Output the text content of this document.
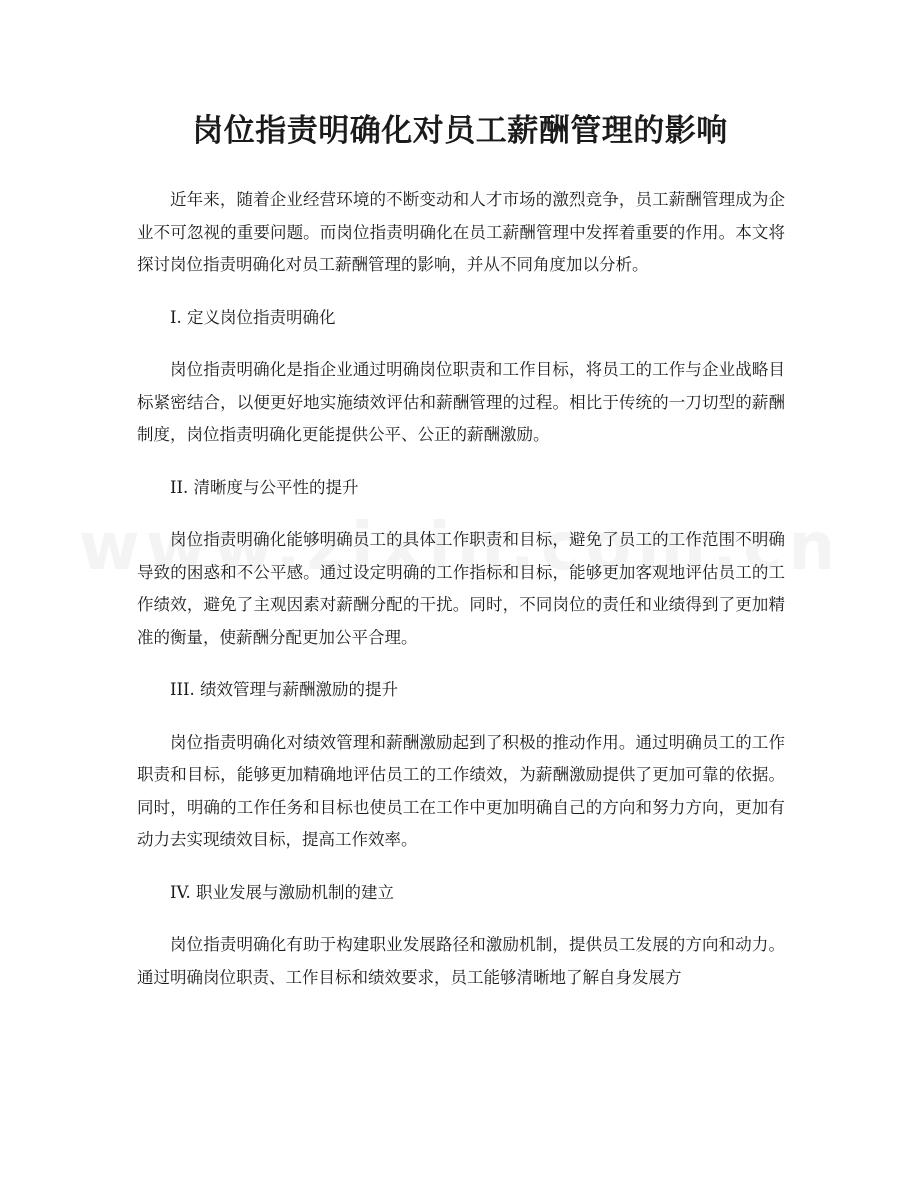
岗位指责明确化对员工薪酬管理的影响

近年来，随着企业经营环境的不断变动和人才市场的激烈竞争，员工薪酬管理成为企业不可忽视的重要问题。而岗位指责明确化在员工薪酬管理中发挥着重要的作用。本文将探讨岗位指责明确化对员工薪酬管理的影响，并从不同角度加以分析。

I. 定义岗位指责明确化

岗位指责明确化是指企业通过明确岗位职责和工作目标，将员工的工作与企业战略目标紧密结合，以便更好地实施绩效评估和薪酬管理的过程。相比于传统的一刀切型的薪酬制度，岗位指责明确化更能提供公平、公正的薪酬激励。

II. 清晰度与公平性的提升

岗位指责明确化能够明确员工的具体工作职责和目标，避免了员工的工作范围不明确导致的困惑和不公平感。通过设定明确的工作指标和目标，能够更加客观地评估员工的工作绩效，避免了主观因素对薪酬分配的干扰。同时，不同岗位的责任和业绩得到了更加精准的衡量，使薪酬分配更加公平合理。

III. 绩效管理与薪酬激励的提升

岗位指责明确化对绩效管理和薪酬激励起到了积极的推动作用。通过明确员工的工作职责和目标，能够更加精确地评估员工的工作绩效，为薪酬激励提供了更加可靠的依据。同时，明确的工作任务和目标也使员工在工作中更加明确自己的方向和努力方向，更加有动力去实现绩效目标，提高工作效率。

IV. 职业发展与激励机制的建立

岗位指责明确化有助于构建职业发展路径和激励机制，提供员工发展的方向和动力。通过明确岗位职责、工作目标和绩效要求，员工能够清晰地了解自身发展方
